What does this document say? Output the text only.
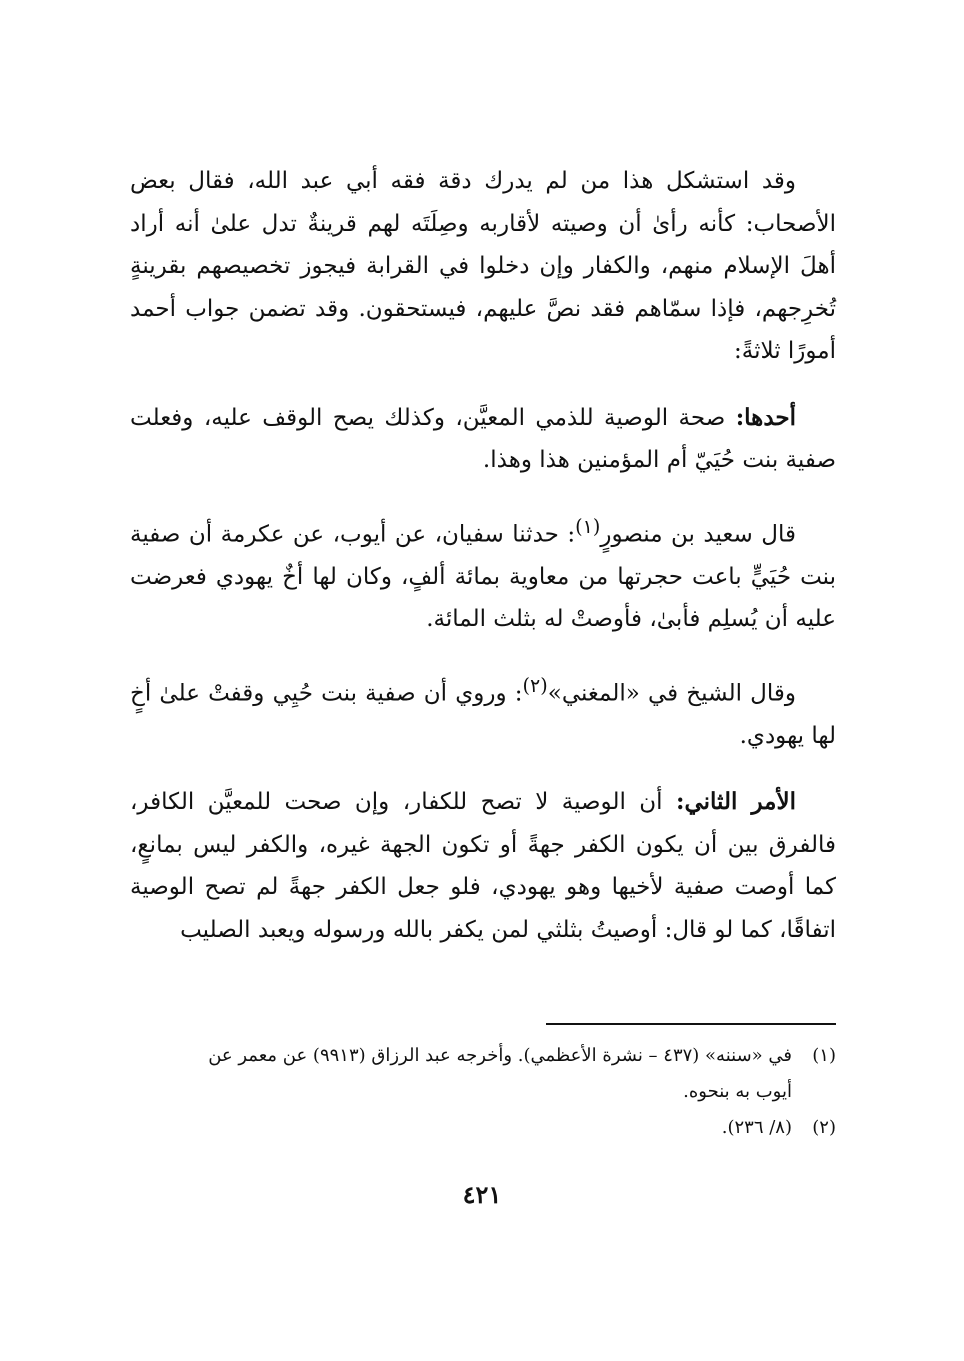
وقد استشكل هذا من لم يدرك دقة فقه أبي عبد الله، فقال بعض الأصحاب: كأنه رأىٰ أن وصيته لأقاربه وصِلَتَه لهم قرينةٌ تدل علىٰ أنه أراد أهلَ الإسلام منهم، والكفار وإن دخلوا في القرابة فيجوز تخصيصهم بقرينةٍ تُخرِجهم، فإذا سمّاهم فقد نصَّ عليهم، فيستحقون. وقد تضمن جواب أحمد أمورًا ثلاثةً:

أحدها: صحة الوصية للذمي المعيَّن، وكذلك يصح الوقف عليه، وفعلت صفية بنت حُيَيّ أم المؤمنين هذا وهذا.

قال سعيد بن منصورٍ$^{(١)}$: حدثنا سفيان، عن أيوب، عن عكرمة أن صفية بنت حُيَيٍّ باعت حجرتها من معاوية بمائة ألفٍ، وكان لها أخٌ يهودي فعرضت عليه أن يُسلِم فأبىٰ، فأوصتْ له بثلث المائة.

وقال الشيخ في «المغني»$^{(٢)}$: وروي أن صفية بنت حُيِي وقفتْ علىٰ أخٍ لها يهودي.

الأمر الثاني: أن الوصية لا تصح للكفار، وإن صحت للمعيَّن الكافر، فالفرق بين أن يكون الكفر جهةً أو تكون الجهة غيره، والكفر ليس بمانعٍ، كما أوصت صفية لأخيها وهو يهودي، فلو جعل الكفر جهةً لم تصح الوصية اتفاقًا، كما لو قال: أوصيتُ بثلثي لمن يكفر بالله ورسوله ويعبد الصليب

(١)في «سننه» (٤٣٧ – نشرة الأعظمي). وأخرجه عبد الرزاق (٩٩١٣) عن معمر عن

أيوب به بنحوه.

(٢)(٨/ ٢٣٦).

٤٢١
